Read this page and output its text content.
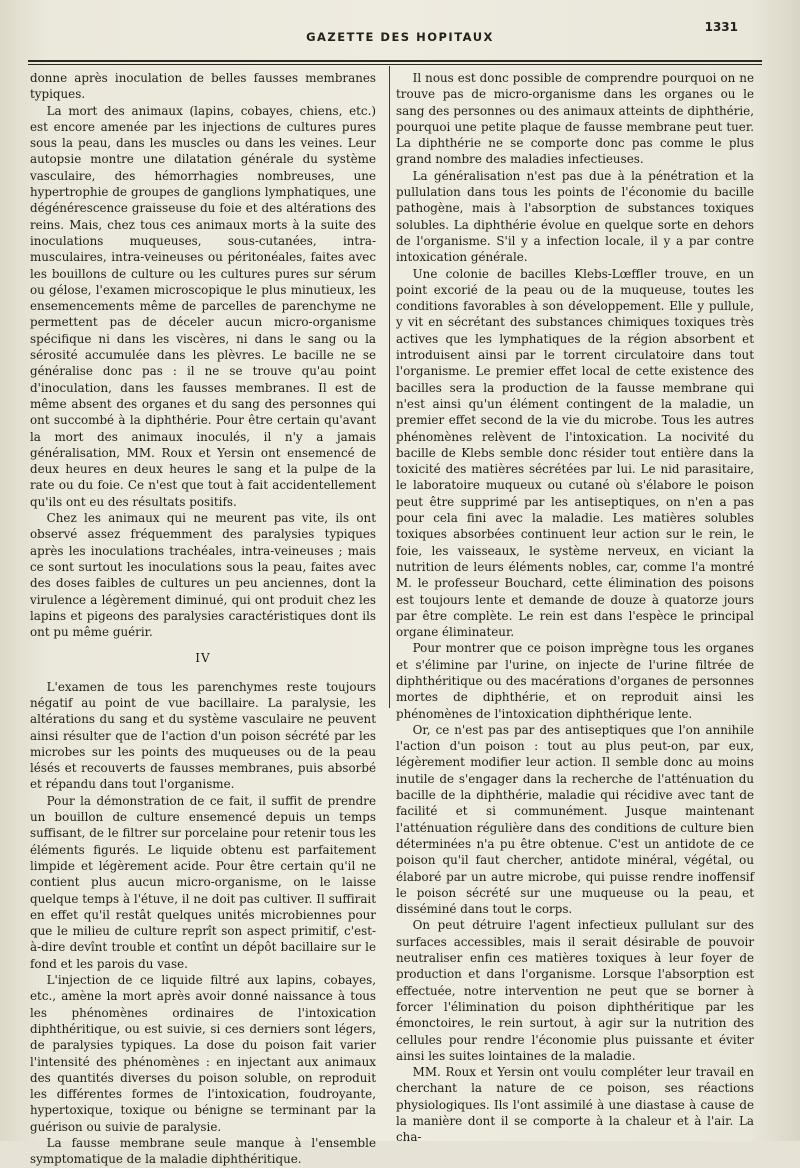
GAZETTE DES HOPITAUX
1331

donne après inoculation de belles fausses membranes typiques.

La mort des animaux (lapins, cobayes, chiens, etc.) est encore amenée par les injections de cultures pures sous la peau, dans les muscles ou dans les veines. Leur autopsie montre une dilatation générale du système vasculaire, des hémorrhagies nombreuses, une hypertrophie de groupes de ganglions lymphatiques, une dégénérescence graisseuse du foie et des altérations des reins. Mais, chez tous ces animaux morts à la suite des inoculations muqueuses, sous-cutanées, intra-musculaires, intra-veineuses ou péritonéales, faites avec les bouillons de culture ou les cultures pures sur sérum ou gélose, l'examen microscopique le plus minutieux, les ensemencements même de parcelles de parenchyme ne permettent pas de déceler aucun micro-organisme spécifique ni dans les viscères, ni dans le sang ou la sérosité accumulée dans les plèvres. Le bacille ne se généralise donc pas : il ne se trouve qu'au point d'inoculation, dans les fausses membranes. Il est de même absent des organes et du sang des personnes qui ont succombé à la diphthérie. Pour être certain qu'avant la mort des animaux inoculés, il n'y a jamais généralisation, MM. Roux et Yersin ont ensemencé de deux heures en deux heures le sang et la pulpe de la rate ou du foie. Ce n'est que tout à fait accidentellement qu'ils ont eu des résultats positifs.

Chez les animaux qui ne meurent pas vite, ils ont observé assez fréquemment des paralysies typiques après les inoculations trachéales, intra-veineuses ; mais ce sont surtout les inoculations sous la peau, faites avec des doses faibles de cultures un peu anciennes, dont la virulence a légèrement diminué, qui ont produit chez les lapins et pigeons des paralysies caractéristiques dont ils ont pu même guérir.

IV

L'examen de tous les parenchymes reste toujours négatif au point de vue bacillaire. La paralysie, les altérations du sang et du système vasculaire ne peuvent ainsi résulter que de l'action d'un poison sécrété par les microbes sur les points des muqueuses ou de la peau lésés et recouverts de fausses membranes, puis absorbé et répandu dans tout l'organisme.

Pour la démonstration de ce fait, il suffit de prendre un bouillon de culture ensemencé depuis un temps suffisant, de le filtrer sur porcelaine pour retenir tous les éléments figurés. Le liquide obtenu est parfaitement limpide et légèrement acide. Pour être certain qu'il ne contient plus aucun micro-organisme, on le laisse quelque temps à l'étuve, il ne doit pas cultiver. Il suffirait en effet qu'il restât quelques unités microbiennes pour que le milieu de culture reprît son aspect primitif, c'est-à-dire devînt trouble et contînt un dépôt bacillaire sur le fond et les parois du vase.

L'injection de ce liquide filtré aux lapins, cobayes, etc., amène la mort après avoir donné naissance à tous les phénomènes ordinaires de l'intoxication diphthéritique, ou est suivie, si ces derniers sont légers, de paralysies typiques. La dose du poison fait varier l'intensité des phénomènes : en injectant aux animaux des quantités diverses du poison soluble, on reproduit les différentes formes de l'intoxication, foudroyante, hypertoxique, toxique ou bénigne se terminant par la guérison ou suivie de paralysie.

La fausse membrane seule manque à l'ensemble symptomatique de la maladie diphthéritique.

Il nous est donc possible de comprendre pourquoi on ne trouve pas de micro-organisme dans les organes ou le sang des personnes ou des animaux atteints de diphthérie, pourquoi une petite plaque de fausse membrane peut tuer. La diphthérie ne se comporte donc pas comme le plus grand nombre des maladies infectieuses.

La généralisation n'est pas due à la pénétration et la pullulation dans tous les points de l'économie du bacille pathogène, mais à l'absorption de substances toxiques solubles. La diphthérie évolue en quelque sorte en dehors de l'organisme. S'il y a infection locale, il y a par contre intoxication générale.

Une colonie de bacilles Klebs-Lœffler trouve, en un point excorié de la peau ou de la muqueuse, toutes les conditions favorables à son développement. Elle y pullule, y vit en sécrétant des substances chimiques toxiques très actives que les lymphatiques de la région absorbent et introduisent ainsi par le torrent circulatoire dans tout l'organisme. Le premier effet local de cette existence des bacilles sera la production de la fausse membrane qui n'est ainsi qu'un élément contingent de la maladie, un premier effet second de la vie du microbe. Tous les autres phénomènes relèvent de l'intoxication. La nocivité du bacille de Klebs semble donc résider tout entière dans la toxicité des matières sécrétées par lui. Le nid parasitaire, le laboratoire muqueux ou cutané où s'élabore le poison peut être supprimé par les antiseptiques, on n'en a pas pour cela fini avec la maladie. Les matières solubles toxiques absorbées continuent leur action sur le rein, le foie, les vaisseaux, le système nerveux, en viciant la nutrition de leurs éléments nobles, car, comme l'a montré M. le professeur Bouchard, cette élimination des poisons est toujours lente et demande de douze à quatorze jours par être complète. Le rein est dans l'espèce le principal organe éliminateur.

Pour montrer que ce poison imprègne tous les organes et s'élimine par l'urine, on injecte de l'urine filtrée de diphthéritique ou des macérations d'organes de personnes mortes de diphthérie, et on reproduit ainsi les phénomènes de l'intoxication diphthérique lente.

Or, ce n'est pas par des antiseptiques que l'on annihile l'action d'un poison : tout au plus peut-on, par eux, légèrement modifier leur action. Il semble donc au moins inutile de s'engager dans la recherche de l'atténuation du bacille de la diphthérie, maladie qui récidive avec tant de facilité et si communément. Jusque maintenant l'atténuation régulière dans des conditions de culture bien déterminées n'a pu être obtenue. C'est un antidote de ce poison qu'il faut chercher, antidote minéral, végétal, ou élaboré par un autre microbe, qui puisse rendre inoffensif le poison sécrété sur une muqueuse ou la peau, et disséminé dans tout le corps.

On peut détruire l'agent infectieux pullulant sur des surfaces accessibles, mais il serait désirable de pouvoir neutraliser enfin ces matières toxiques à leur foyer de production et dans l'organisme. Lorsque l'absorption est effectuée, notre intervention ne peut que se borner à forcer l'élimination du poison diphthéritique par les émonctoires, le rein surtout, à agir sur la nutrition des cellules pour rendre l'économie plus puissante et éviter ainsi les suites lointaines de la maladie.

MM. Roux et Yersin ont voulu compléter leur travail en cherchant la nature de ce poison, ses réactions physiologiques. Ils l'ont assimilé à une diastase à cause de la manière dont il se comporte à la chaleur et à l'air. La cha-
